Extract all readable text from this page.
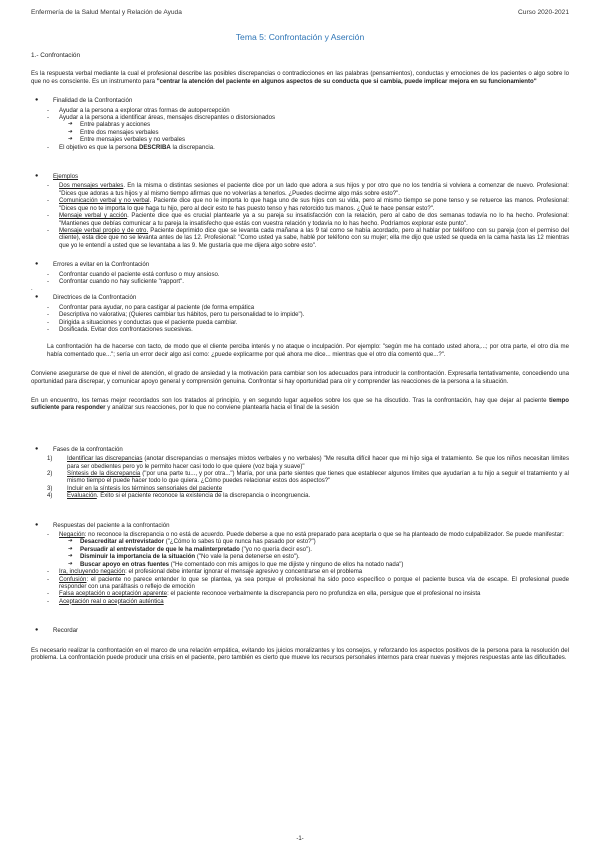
Enfermería de la Salud Mental y Relación de Ayuda	Curso 2020-2021
Tema 5: Confrontación y Aserción
1.- Confrontación

Es la respuesta verbal mediante la cual el profesional describe las posibles discrepancias o contradicciones en las palabras (pensamientos), conductas y emociones de los pacientes o algo sobre lo que no es consciente. Es un instrumento para "centrar la atención del paciente en algunos aspectos de su conducta que si cambia, puede implicar mejora en su funcionamiento"

● Finalidad de la Confrontación
- Ayudar a la persona a explorar otras formas de autopercepción
- Ayudar a la persona a identificar áreas, mensajes discrepantes o distorsionados
➔ Entre palabras y acciones
➔ Entre dos mensajes verbales
➔ Entre mensajes verbales y no verbales
- El objetivo es que la persona DESCRIBA la discrepancia.
● Ejemplos
- Dos mensajes verbales. En la misma o distintas sesiones el paciente dice por un lado que adora a sus hijos y por otro que no los tendría si volviera a comenzar de nuevo. Profesional: "Dices que adoras a tus hijos y al mismo tiempo afirmas que no volverías a tenerlos. ¿Puedes decirme algo más sobre esto?".
- Comunicación verbal y no verbal. Paciente dice que no le importa lo que haga uno de sus hijos con su vida, pero al mismo tiempo se pone tenso y se retuerce las manos. Profesional: "Dices que no te importa lo que haga tu hijo, pero al decir esto te has puesto tenso y has retorcido tus manos. ¿Qué te hace pensar esto?".
- Mensaje verbal y acción. Paciente dice que es crucial plantearle ya a su pareja su insatisfacción con la relación, pero al cabo de dos semanas todavía no lo ha hecho. Profesional: "Mantienes que debías comunicar a tu pareja la insatisfecho que estás con vuestra relación y todavía no lo has hecho. Podríamos explorar este punto".
- Mensaje verbal propio y de otro. Paciente deprimido dice que se levanta cada mañana a las 9 tal como se había acordado, pero al hablar por teléfono con su pareja (con el permiso del cliente), esta dice que no se levanta antes de las 12. Profesional: "Como usted ya sabe, hablé por teléfono con su mujer; ella me dijo que usted se queda en la cama hasta las 12 mientras que yo le entendí a usted que se levantaba a las 9. Me gustaría que me dijera algo sobre esto".
● Errores a evitar en la Confrontación
- Confrontar cuando el paciente está confuso o muy ansioso.
- Confrontar cuando no hay suficiente "rapport".
.
● Directrices de la Confrontación
- Confrontar para ayudar, no para castigar al paciente (de forma empática
- Descriptiva no valorativa; (Quieres cambiar tus hábitos, pero tu personalidad te lo impide").
- Dirigida a situaciones y conductas que el paciente pueda cambiar.
- Dosificada. Evitar dos confrontaciones sucesivas.

La confrontación ha de hacerse con tacto, de modo que el cliente perciba interés y no ataque o inculpación. Por ejemplo: "según me ha contado usted ahora,...; por otra parte, el otro día me había comentado que..."; sería un error decir algo así como: ¿puede explicarme por qué ahora me dice... mientras que el otro día comentó que...?".

Conviene asegurarse de que el nivel de atención, el grado de ansiedad y la motivación para cambiar son los adecuados para introducir la confrontación. Expresarla tentativamente, concediendo una oportunidad para discrepar, y comunicar apoyo general y comprensión genuina. Confrontar si hay oportunidad para oír y comprender las reacciones de la persona a la situación.

En un encuentro, los temas mejor recordados son los tratados al principio, y en segundo lugar aquellos sobre los que se ha discutido. Tras la confrontación, hay que dejar al paciente tiempo suficiente para responder y analizar sus reacciones, por lo que no conviene plantearla hacia el final de la sesión

● Fases de la confrontación
1) Identificar las discrepancias (anotar discrepancias o mensajes mixtos verbales y no verbales) "Me resulta difícil hacer que mi hijo siga el tratamiento. Se que los niños necesitan límites para ser obedientes pero yo le permito hacer casi todo lo que quiere (voz baja y suave)"
2) Síntesis de la discrepancia ("por una parte tu..., y por otra...") María, por una parte sientes que tienes que establecer algunos límites que ayudarían a tu hijo a seguir el tratamiento y al mismo tiempo el puede hacer todo lo que quiera. ¿Cómo puedes relacionar estos dos aspectos?"
3) Incluir en la síntesis los términos sensoriales del paciente
4) Evaluación. Éxito si el paciente reconoce la existencia de la discrepancia o incongruencia.
● Respuestas del paciente a la confrontación
- Negación: no reconoce la discrepancia o no está de acuerdo. Puede deberse a que no está preparado para aceptarla o que se ha planteado de modo culpabilizador. Se puede manifestar:
➔ Desacreditar al entrevistador ("¿Cómo lo sabes tú que nunca has pasado por esto?")
➔ Persuadir al entrevistador de que le ha malinterpretado ("yo no quería decir eso").
➔ Disminuir la importancia de la situación ("No vale la pena detenerse en esto").
➔ Buscar apoyo en otras fuentes ("He comentado con mis amigos lo que me dijiste y ninguno de ellos ha notado nada")
- Ira, incluyendo negación: el profesional debe intentar ignorar el mensaje agresivo y concentrarse en el problema
- Confusión: el paciente no parece entender lo que se plantea, ya sea porque el profesional ha sido poco específico o porque el paciente busca vía de escape. El profesional puede responder con una paráfrasis o reflejo de emoción
- Falsa aceptación o aceptación aparente: el paciente reconoce verbalmente la discrepancia pero no profundiza en ella, persigue que el profesional no insista
- Aceptación real o aceptación auténtica
● Recordar

Es necesario realizar la confrontación en el marco de una relación empática, evitando los juicios moralizantes y los consejos, y reforzando los aspectos positivos de la persona para la resolución del problema. La confrontación puede producir una crisis en el paciente, pero también es cierto que mueve los recursos personales internos para crear nuevas y mejores respuestas ante las dificultades.

-1-
